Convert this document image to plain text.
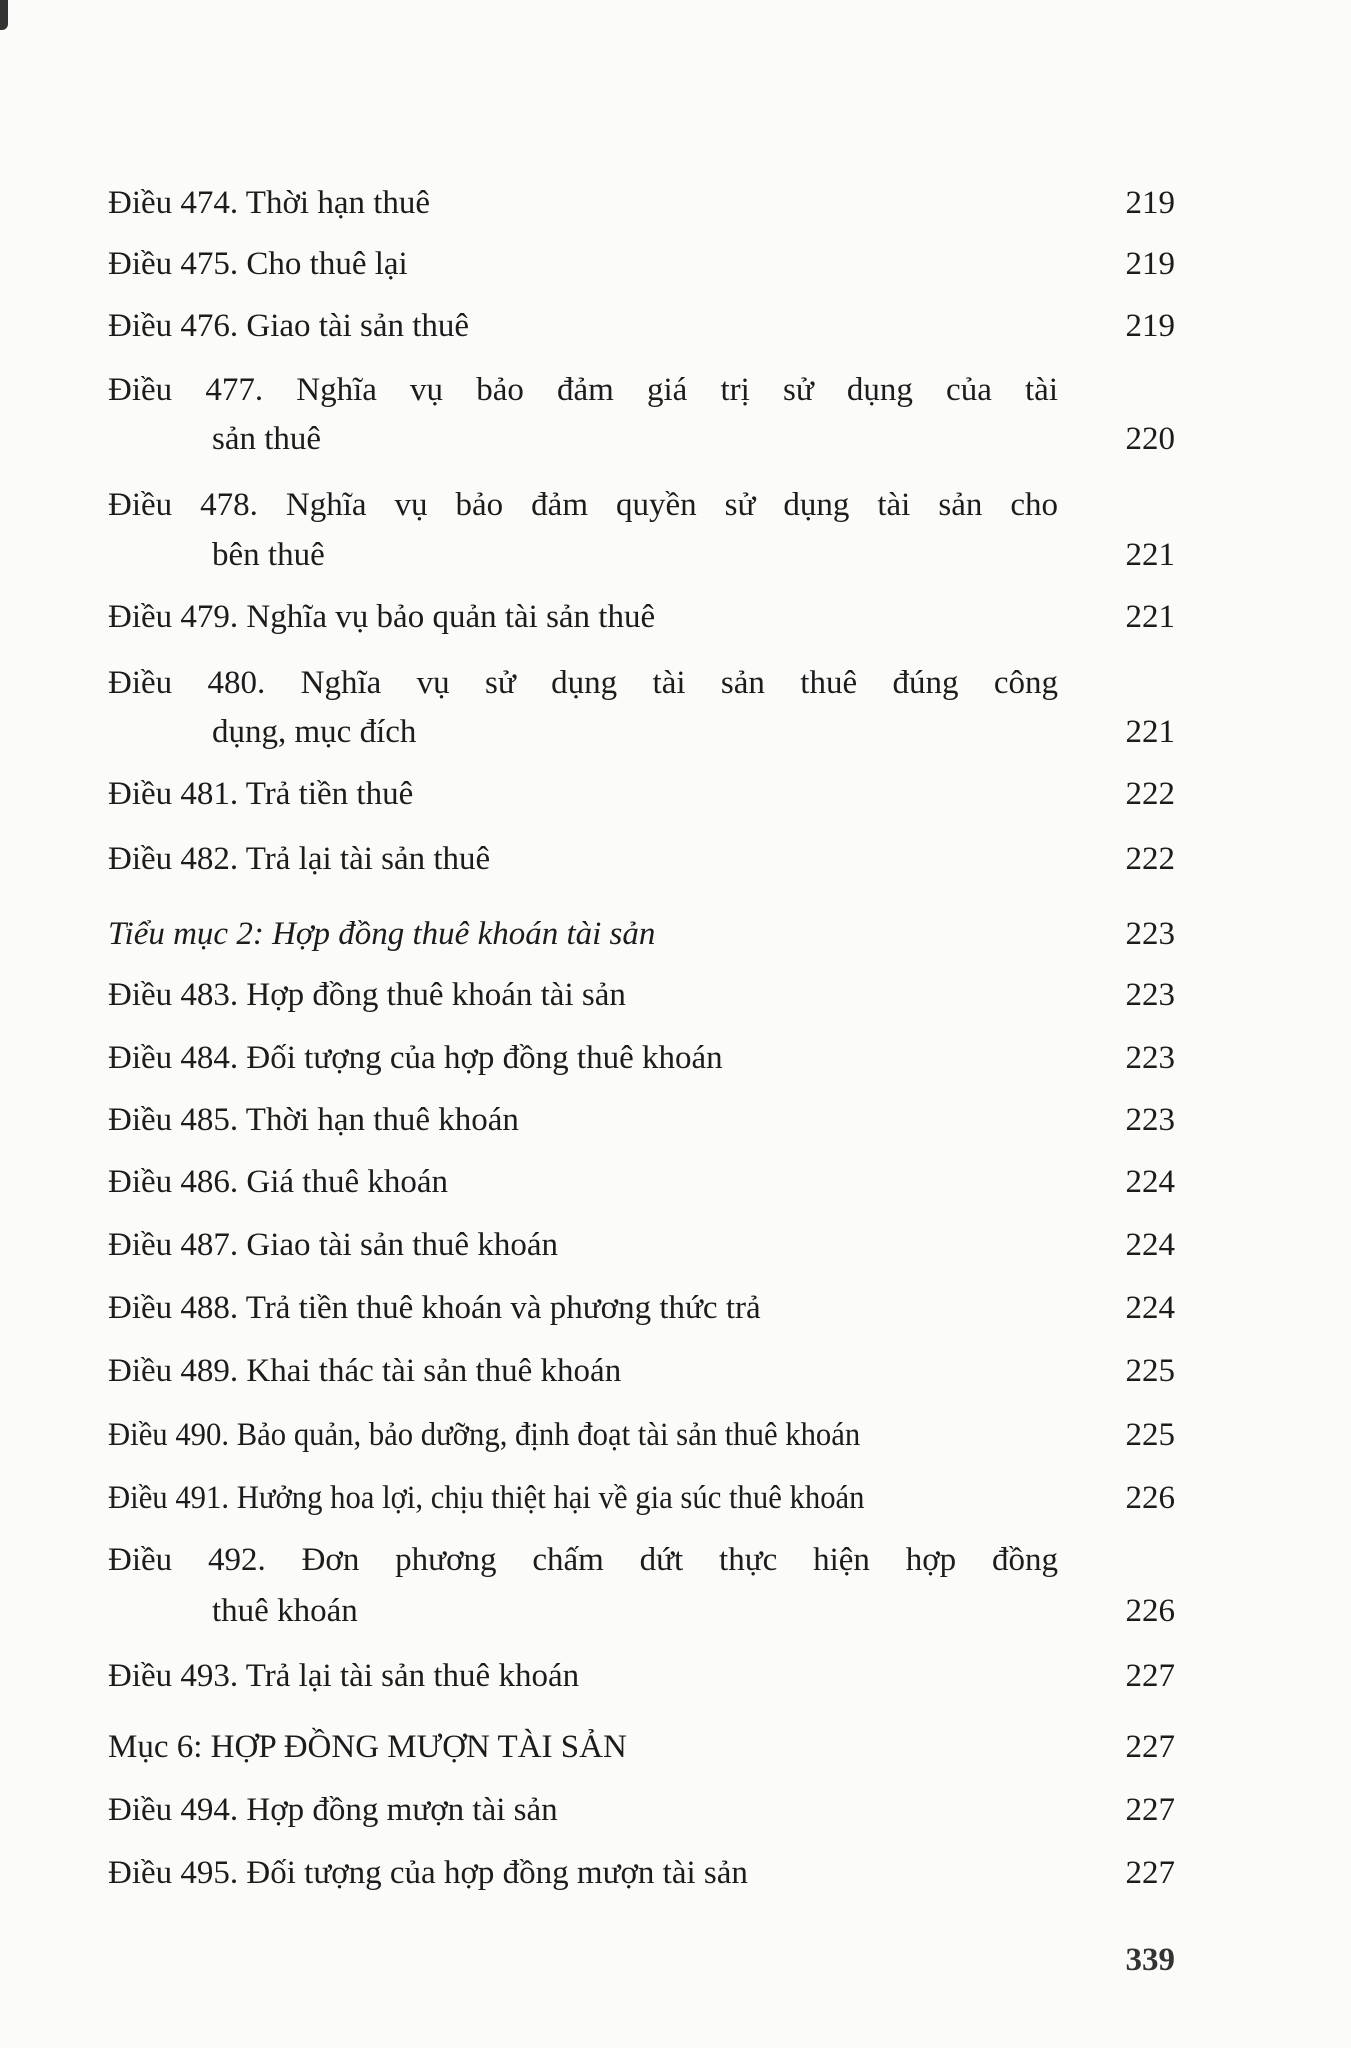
Điều 474. Thời hạn thuê	219
Điều 475. Cho thuê lại	219
Điều 476. Giao tài sản thuê	219
Điều 477. Nghĩa vụ bảo đảm giá trị sử dụng của tài
sản thuê	220
Điều 478. Nghĩa vụ bảo đảm quyền sử dụng tài sản cho
bên thuê	221
Điều 479. Nghĩa vụ bảo quản tài sản thuê	221
Điều 480. Nghĩa vụ sử dụng tài sản thuê đúng công
dụng, mục đích	221
Điều 481. Trả tiền thuê	222
Điều 482. Trả lại tài sản thuê	222
Tiểu mục 2: Hợp đồng thuê khoán tài sản	223
Điều 483. Hợp đồng thuê khoán tài sản	223
Điều 484. Đối tượng của hợp đồng thuê khoán	223
Điều 485. Thời hạn thuê khoán	223
Điều 486. Giá thuê khoán	224
Điều 487. Giao tài sản thuê khoán	224
Điều 488. Trả tiền thuê khoán và phương thức trả	224
Điều 489. Khai thác tài sản thuê khoán	225
Điều 490. Bảo quản, bảo dưỡng, định đoạt tài sản thuê khoán	225
Điều 491. Hưởng hoa lợi, chịu thiệt hại về gia súc thuê khoán	226
Điều 492. Đơn phương chấm dứt thực hiện hợp đồng
thuê khoán	226
Điều 493. Trả lại tài sản thuê khoán	227
Mục 6: HỢP ĐỒNG MƯỢN TÀI SẢN	227
Điều 494. Hợp đồng mượn tài sản	227
Điều 495. Đối tượng của hợp đồng mượn tài sản	227
339
